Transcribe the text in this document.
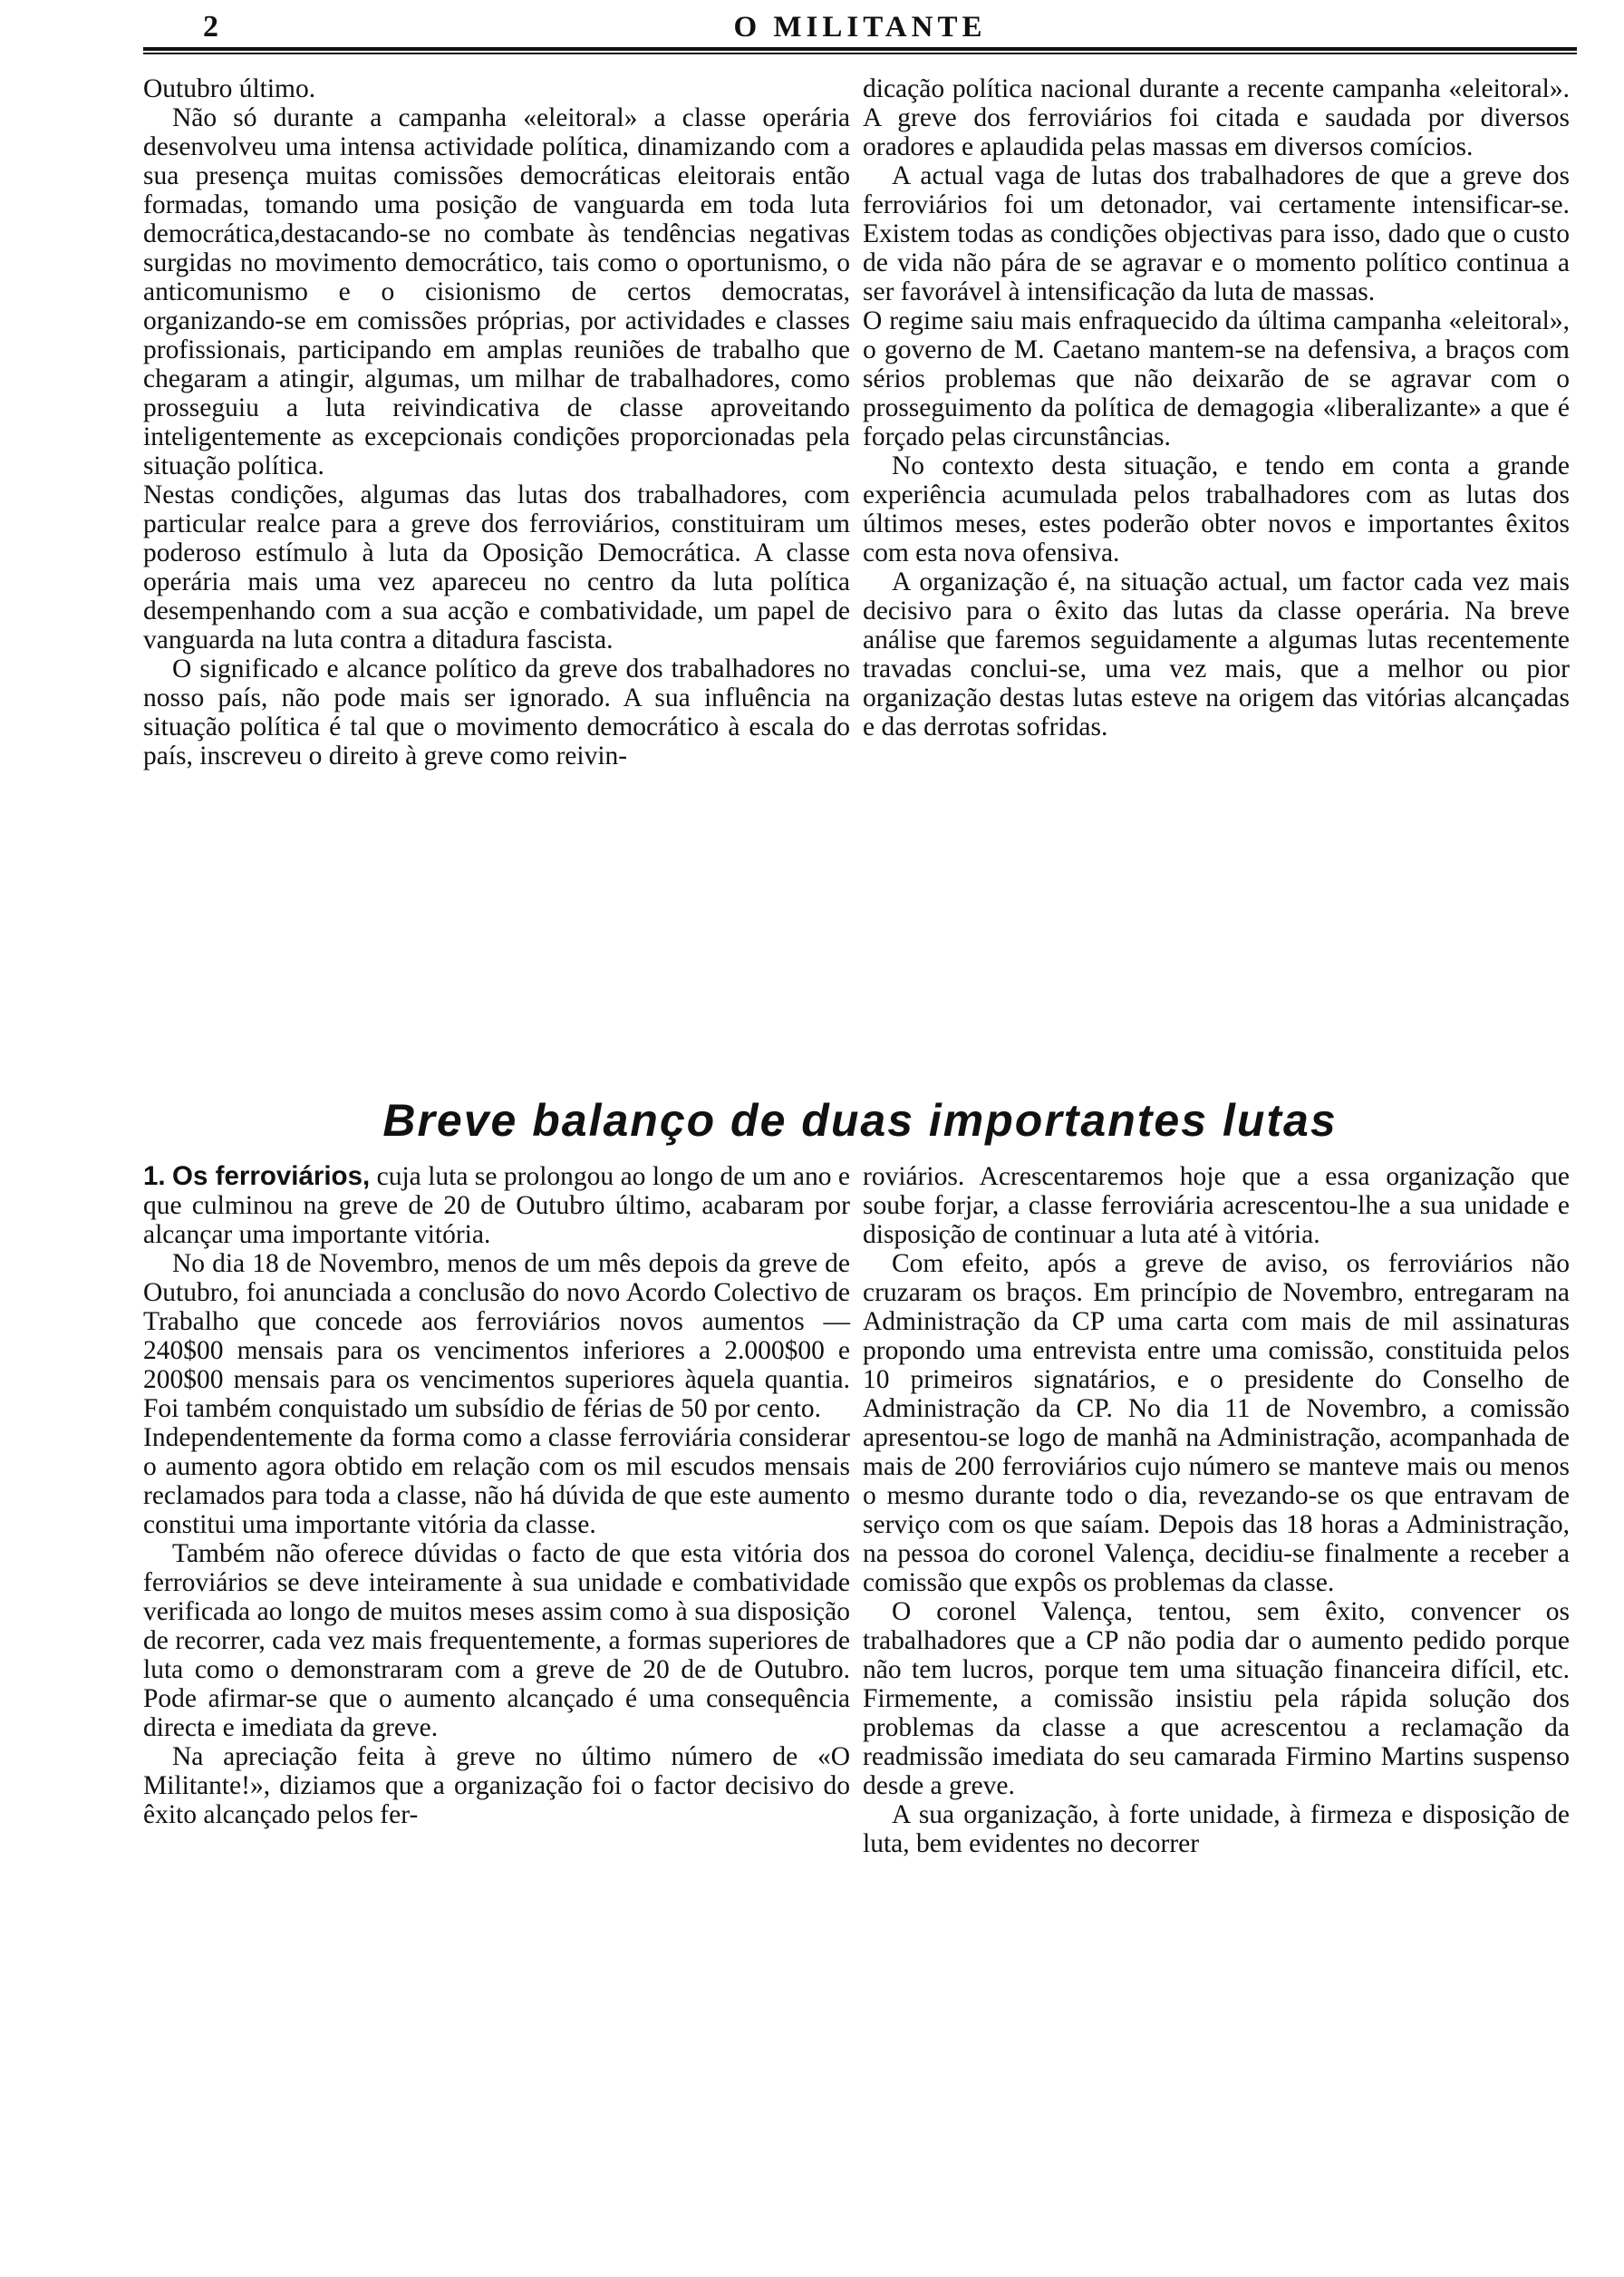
2	O MILITANTE

Outubro último.

Não só durante a campanha «eleitoral» a classe operária desenvolveu uma intensa actividade política, dinamizando com a sua presença muitas comissões democráticas eleitorais então formadas, tomando uma posição de vanguarda em toda luta democrática,destacando-se no combate às tendências negativas surgidas no movimento democrático, tais como o oportunismo, o anticomunismo e o cisionismo de certos democratas, organizando-se em comissões próprias, por actividades e classes profissionais, participando em amplas reuniões de trabalho que chegaram a atingir, algumas, um milhar de trabalhadores, como prosseguiu a luta reivindicativa de classe aproveitando inteligentemente as excepcionais condições proporcionadas pela situação política.

Nestas condições, algumas das lutas dos trabalhadores, com particular realce para a greve dos ferroviários, constituiram um poderoso estímulo à luta da Oposição Democrática. A classe operária mais uma vez apareceu no centro da luta política desempenhando com a sua acção e combatividade, um papel de vanguarda na luta contra a ditadura fascista.

O significado e alcance político da greve dos trabalhadores no nosso país, não pode mais ser ignorado. A sua influência na situação política é tal que o movimento democrático à escala do país, inscreveu o direito à greve como reivin-

dicação política nacional durante a recente campanha «eleitoral». A greve dos ferroviários foi citada e saudada por diversos oradores e aplaudida pelas massas em diversos comícios.

A actual vaga de lutas dos trabalhadores de que a greve dos ferroviários foi um detonador, vai certamente intensificar-se. Existem todas as condições objectivas para isso, dado que o custo de vida não pára de se agravar e o momento político continua a ser favorável à intensificação da luta de massas.

O regime saiu mais enfraquecido da última campanha «eleitoral», o governo de M. Caetano mantem-se na defensiva, a braços com sérios problemas que não deixarão de se agravar com o prosseguimento da política de demagogia «liberalizante» a que é forçado pelas circunstâncias.

No contexto desta situação, e tendo em conta a grande experiência acumulada pelos trabalhadores com as lutas dos últimos meses, estes poderão obter novos e importantes êxitos com esta nova ofensiva.

A organização é, na situação actual, um factor cada vez mais decisivo para o êxito das lutas da classe operária. Na breve análise que faremos seguidamente a algumas lutas recentemente travadas conclui-se, uma vez mais, que a melhor ou pior organização destas lutas esteve na origem das vitórias alcançadas e das derrotas sofridas.

Breve balanço de duas importantes lutas

1. Os ferroviários, cuja luta se prolongou ao longo de um ano e que culminou na greve de 20 de Outubro último, acabaram por alcançar uma importante vitória.

No dia 18 de Novembro, menos de um mês depois da greve de Outubro, foi anunciada a conclusão do novo Acordo Colectivo de Trabalho que concede aos ferroviários novos aumentos — 240$00 mensais para os vencimentos inferiores a 2.000$00 e 200$00 mensais para os vencimentos superiores àquela quantia. Foi também conquistado um subsídio de férias de 50 por cento.

Independentemente da forma como a classe ferroviária considerar o aumento agora obtido em relação com os mil escudos mensais reclamados para toda a classe, não há dúvida de que este aumento constitui uma importante vitória da classe.

Também não oferece dúvidas o facto de que esta vitória dos ferroviários se deve inteiramente à sua unidade e combatividade verificada ao longo de muitos meses assim como à sua disposição de recorrer, cada vez mais frequentemente, a formas superiores de luta como o demonstraram com a greve de 20 de de Outubro. Pode afirmar-se que o aumento alcançado é uma consequência directa e imediata da greve.

Na apreciação feita à greve no último número de «O Militante!», diziamos que a organização foi o factor decisivo do êxito alcançado pelos fer-

roviários. Acrescentaremos hoje que a essa organização que soube forjar, a classe ferroviária acrescentou-lhe a sua unidade e disposição de continuar a luta até à vitória.

Com efeito, após a greve de aviso, os ferroviários não cruzaram os braços. Em princípio de Novembro, entregaram na Administração da CP uma carta com mais de mil assinaturas propondo uma entrevista entre uma comissão, constituida pelos 10 primeiros signatários, e o presidente do Conselho de Administração da CP. No dia 11 de Novembro, a comissão apresentou-se logo de manhã na Administração, acompanhada de mais de 200 ferroviários cujo número se manteve mais ou menos o mesmo durante todo o dia, revezando-se os que entravam de serviço com os que saíam. Depois das 18 horas a Administração, na pessoa do coronel Valença, decidiu-se finalmente a receber a comissão que expôs os problemas da classe.

O coronel Valença, tentou, sem êxito, convencer os trabalhadores que a CP não podia dar o aumento pedido porque não tem lucros, porque tem uma situação financeira difícil, etc. Firmemente, a comissão insistiu pela rápida solução dos problemas da classe a que acrescentou a reclamação da readmissão imediata do seu camarada Firmino Martins suspenso desde a greve.

A sua organização, à forte unidade, à firmeza e disposição de luta, bem evidentes no decorrer
